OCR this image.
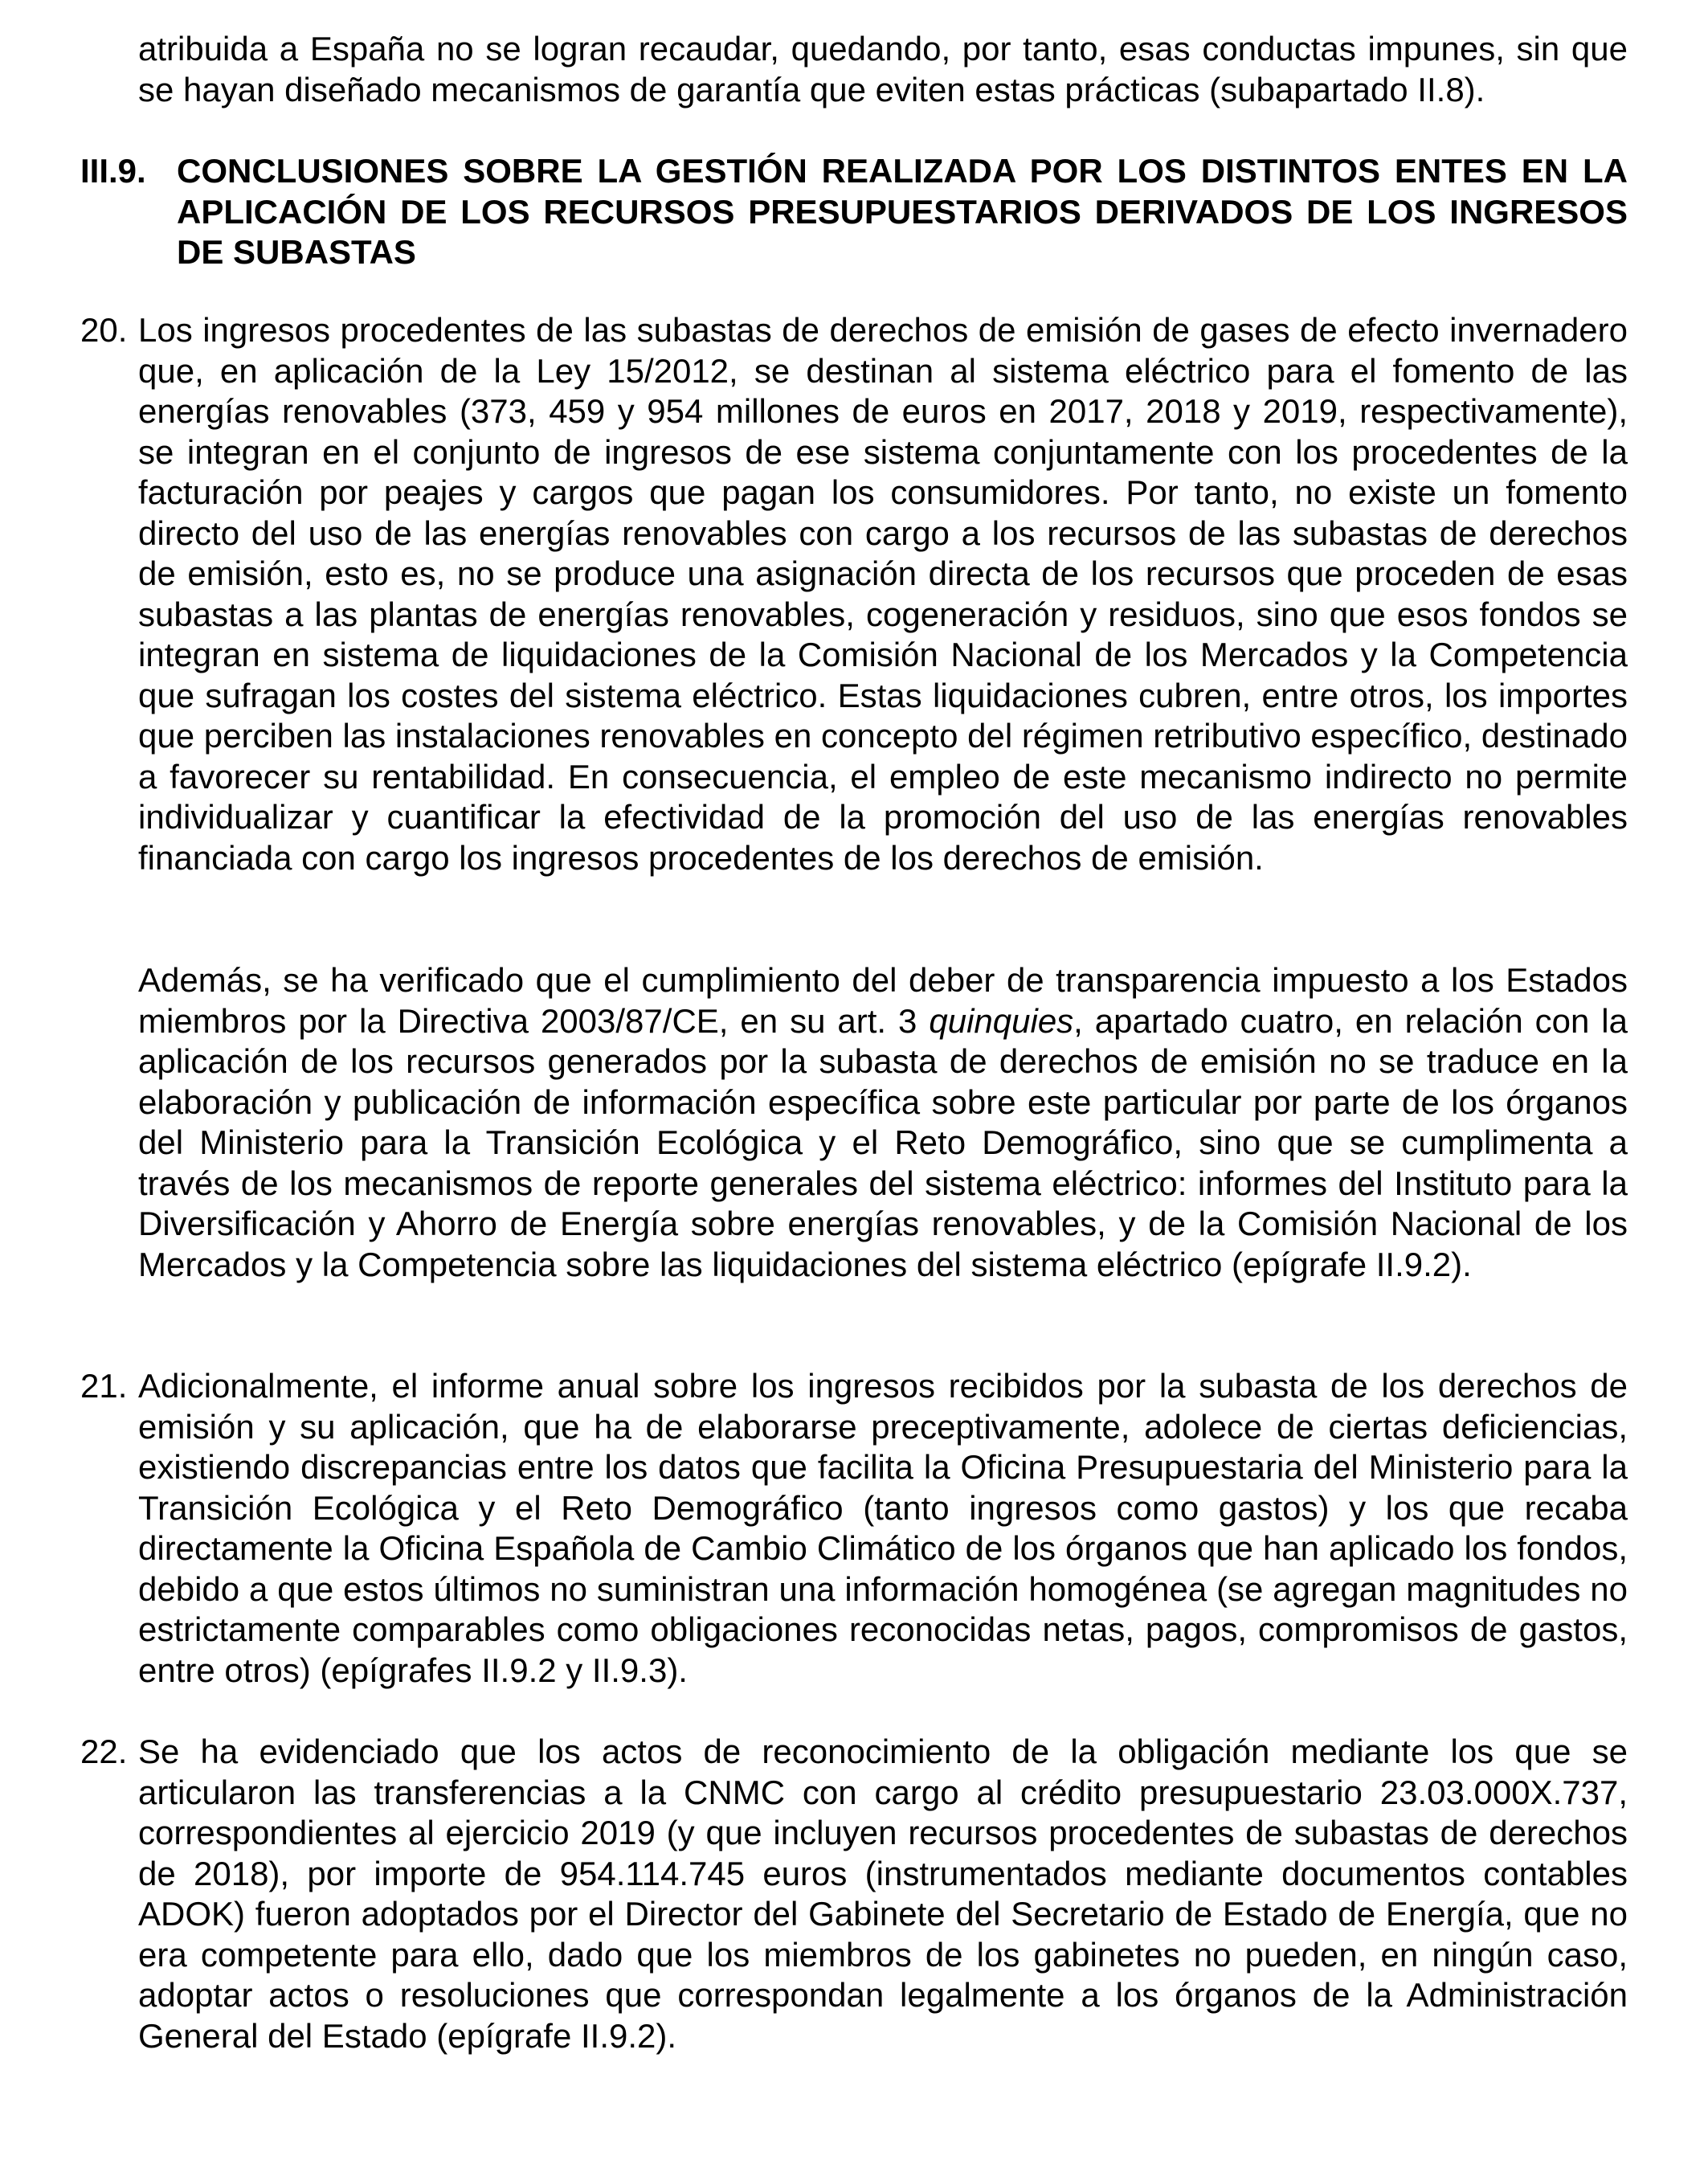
atribuida a España no se logran recaudar, quedando, por tanto, esas conductas impunes, sin que se hayan diseñado mecanismos de garantía que eviten estas prácticas (subapartado II.8).
III.9. CONCLUSIONES SOBRE LA GESTIÓN REALIZADA POR LOS DISTINTOS ENTES EN LA APLICACIÓN DE LOS RECURSOS PRESUPUESTARIOS DERIVADOS DE LOS INGRESOS DE SUBASTAS
20. Los ingresos procedentes de las subastas de derechos de emisión de gases de efecto invernadero que, en aplicación de la Ley 15/2012, se destinan al sistema eléctrico para el fomento de las energías renovables (373, 459 y 954 millones de euros en 2017, 2018 y 2019, respectivamente), se integran en el conjunto de ingresos de ese sistema conjuntamente con los procedentes de la facturación por peajes y cargos que pagan los consumidores. Por tanto, no existe un fomento directo del uso de las energías renovables con cargo a los recursos de las subastas de derechos de emisión, esto es, no se produce una asignación directa de los recursos que proceden de esas subastas a las plantas de energías renovables, cogeneración y residuos, sino que esos fondos se integran en sistema de liquidaciones de la Comisión Nacional de los Mercados y la Competencia que sufragan los costes del sistema eléctrico. Estas liquidaciones cubren, entre otros, los importes que perciben las instalaciones renovables en concepto del régimen retributivo específico, destinado a favorecer su rentabilidad. En consecuencia, el empleo de este mecanismo indirecto no permite individualizar y cuantificar la efectividad de la promoción del uso de las energías renovables financiada con cargo los ingresos procedentes de los derechos de emisión.
Además, se ha verificado que el cumplimiento del deber de transparencia impuesto a los Estados miembros por la Directiva 2003/87/CE, en su art. 3 quinquies, apartado cuatro, en relación con la aplicación de los recursos generados por la subasta de derechos de emisión no se traduce en la elaboración y publicación de información específica sobre este particular por parte de los órganos del Ministerio para la Transición Ecológica y el Reto Demográfico, sino que se cumplimenta a través de los mecanismos de reporte generales del sistema eléctrico: informes del Instituto para la Diversificación y Ahorro de Energía sobre energías renovables, y de la Comisión Nacional de los Mercados y la Competencia sobre las liquidaciones del sistema eléctrico (epígrafe II.9.2).
21. Adicionalmente, el informe anual sobre los ingresos recibidos por la subasta de los derechos de emisión y su aplicación, que ha de elaborarse preceptivamente, adolece de ciertas deficiencias, existiendo discrepancias entre los datos que facilita la Oficina Presupuestaria del Ministerio para la Transición Ecológica y el Reto Demográfico (tanto ingresos como gastos) y los que recaba directamente la Oficina Española de Cambio Climático de los órganos que han aplicado los fondos, debido a que estos últimos no suministran una información homogénea (se agregan magnitudes no estrictamente comparables como obligaciones reconocidas netas, pagos, compromisos de gastos, entre otros) (epígrafes II.9.2 y II.9.3).
22. Se ha evidenciado que los actos de reconocimiento de la obligación mediante los que se articularon las transferencias a la CNMC con cargo al crédito presupuestario 23.03.000X.737, correspondientes al ejercicio 2019 (y que incluyen recursos procedentes de subastas de derechos de 2018), por importe de 954.114.745 euros (instrumentados mediante documentos contables ADOK) fueron adoptados por el Director del Gabinete del Secretario de Estado de Energía, que no era competente para ello, dado que los miembros de los gabinetes no pueden, en ningún caso, adoptar actos o resoluciones que correspondan legalmente a los órganos de la Administración General del Estado (epígrafe II.9.2).
